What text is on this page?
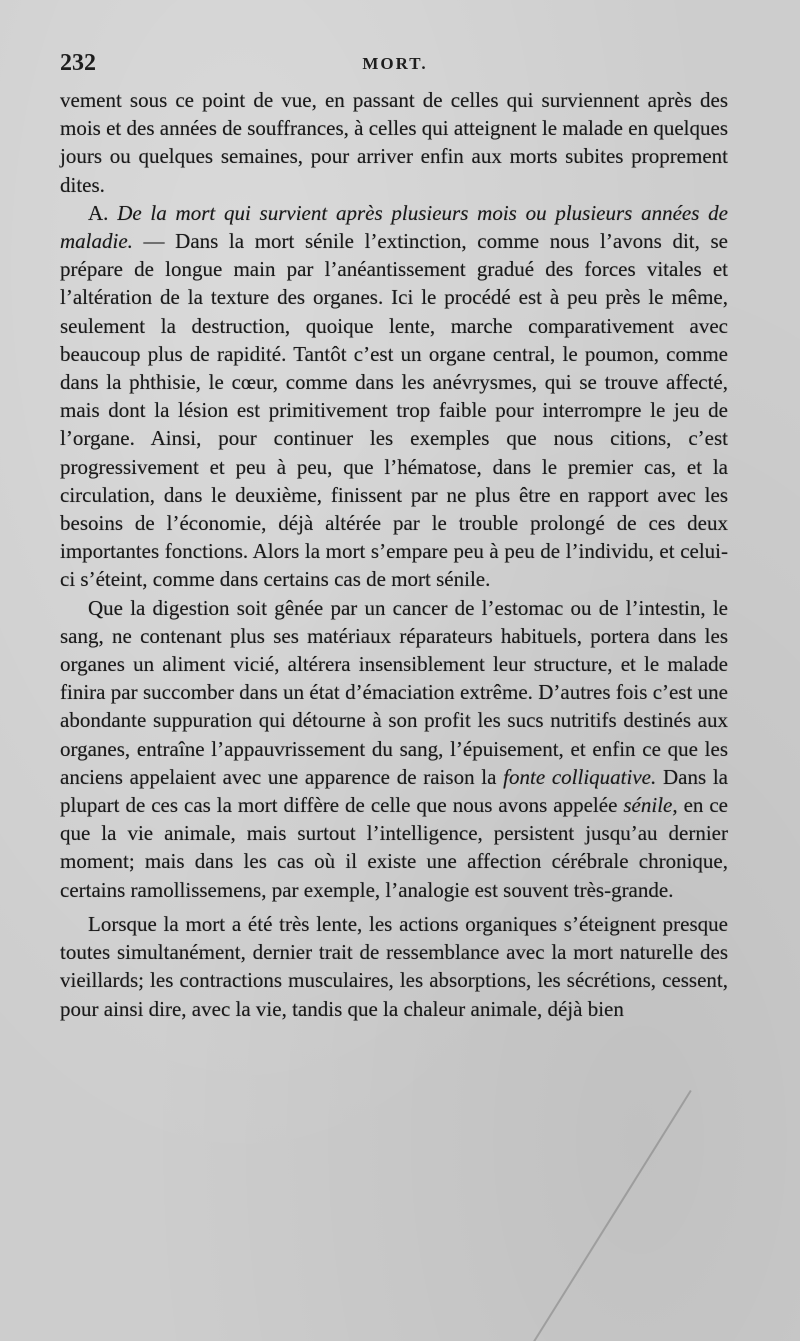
232	MORT.

vement sous ce point de vue, en passant de celles qui surviennent après des mois et des années de souffrances, à celles qui atteignent le malade en quelques jours ou quelques semaines, pour arriver enfin aux morts subites proprement dites.

A. De la mort qui survient après plusieurs mois ou plusieurs années de maladie. — Dans la mort sénile l’extinction, comme nous l’avons dit, se prépare de longue main par l’anéantissement gradué des forces vitales et l’altération de la texture des organes. Ici le procédé est à peu près le même, seulement la destruction, quoique lente, marche comparativement avec beaucoup plus de rapidité. Tantôt c’est un organe central, le poumon, comme dans la phthisie, le cœur, comme dans les anévrysmes, qui se trouve affecté, mais dont la lésion est primitivement trop faible pour interrompre le jeu de l’organe. Ainsi, pour continuer les exemples que nous citions, c’est progressivement et peu à peu, que l’hématose, dans le premier cas, et la circulation, dans le deuxième, finissent par ne plus être en rapport avec les besoins de l’économie, déjà altérée par le trouble prolongé de ces deux importantes fonctions. Alors la mort s’empare peu à peu de l’individu, et celui-ci s’éteint, comme dans certains cas de mort sénile.

Que la digestion soit gênée par un cancer de l’estomac ou de l’intestin, le sang, ne contenant plus ses matériaux réparateurs habituels, portera dans les organes un aliment vicié, altérera insensiblement leur structure, et le malade finira par succomber dans un état d’émaciation extrême. D’autres fois c’est une abondante suppuration qui détourne à son profit les sucs nutritifs destinés aux organes, entraîne l’appauvrissement du sang, l’épuisement, et enfin ce que les anciens appelaient avec une apparence de raison la fonte colliquative. Dans la plupart de ces cas la mort diffère de celle que nous avons appelée sénile, en ce que la vie animale, mais surtout l’intelligence, persistent jusqu’au dernier moment; mais dans les cas où il existe une affection cérébrale chronique, certains ramollissemens, par exemple, l’analogie est souvent très-grande.

Lorsque la mort a été très lente, les actions organiques s’éteignent presque toutes simultanément, dernier trait de ressemblance avec la mort naturelle des vieillards; les contractions musculaires, les absorptions, les sécrétions, cessent, pour ainsi dire, avec la vie, tandis que la chaleur animale, déjà bien
